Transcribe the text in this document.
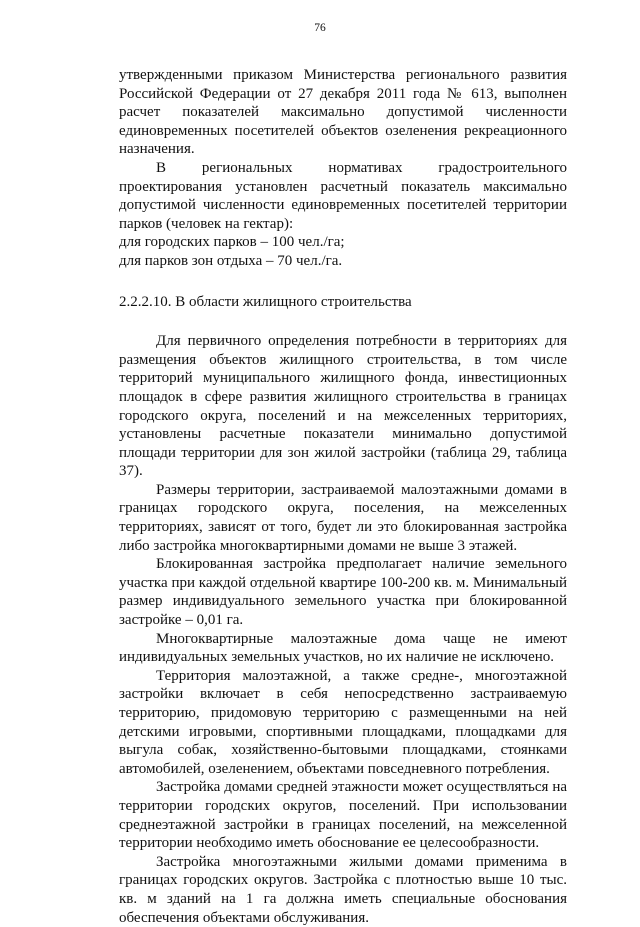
76

утвержденными приказом Министерства регионального развития Российской Федерации от 27 декабря 2011 года № 613, выполнен расчет показателей максимально допустимой численности единовременных посетителей объектов озеленения рекреационного назначения.

В региональных нормативах градостроительного проектирования установлен расчетный показатель максимально допустимой численности единовременных посетителей территории парков (человек на гектар):

для городских парков – 100 чел./га;
для парков зон отдыха – 70 чел./га.

2.2.2.10. В области жилищного строительства

Для первичного определения потребности в территориях для размещения объектов жилищного строительства, в том числе территорий муниципального жилищного фонда, инвестиционных площадок в сфере развития жилищного строительства в границах городского округа, поселений и на межселенных территориях, установлены расчетные показатели минимально допустимой площади территории для зон жилой застройки (таблица 29, таблица 37).

Размеры территории, застраиваемой малоэтажными домами в границах городского округа, поселения, на межселенных территориях, зависят от того, будет ли это блокированная застройка либо застройка многоквартирными домами не выше 3 этажей.

Блокированная застройка предполагает наличие земельного участка при каждой отдельной квартире 100-200 кв. м. Минимальный размер индивидуального земельного участка при блокированной застройке – 0,01 га.

Многоквартирные малоэтажные дома чаще не имеют индивидуальных земельных участков, но их наличие не исключено.

Территория малоэтажной, а также средне-, многоэтажной застройки включает в себя непосредственно застраиваемую территорию, придомовую территорию с размещенными на ней детскими игровыми, спортивными площадками, площадками для выгула собак, хозяйственно-бытовыми площадками, стоянками автомобилей, озеленением, объектами повседневного потребления.

Застройка домами средней этажности может осуществляться на территории городских округов, поселений. При использовании среднеэтажной застройки в границах поселений, на межселенной территории необходимо иметь обоснование ее целесообразности.

Застройка многоэтажными жилыми домами применима в границах городских округов. Застройка с плотностью выше 10 тыс. кв. м зданий на 1 га должна иметь специальные обоснования обеспечения объектами обслуживания.
